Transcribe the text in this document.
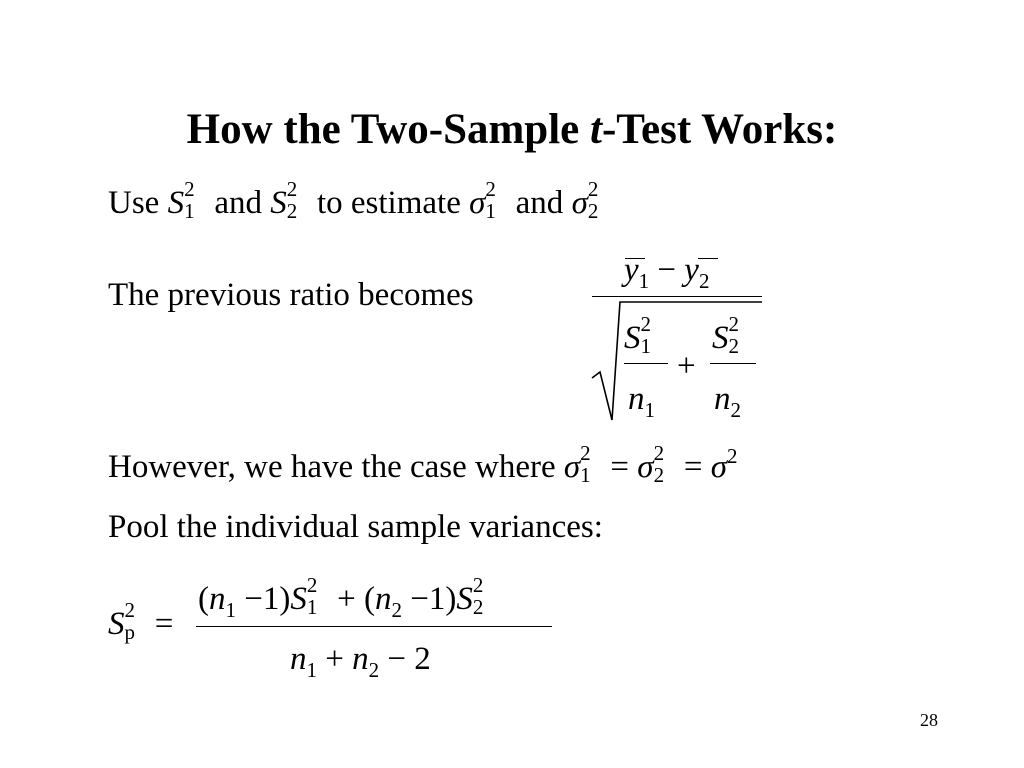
How the Two-Sample t-Test Works:
Use S 2
1 and S 2
2 to estimate σ 2
1 and σ 2
2
The previous ratio becomes
$y_1 - y_2$
S 2
1
$n_1$
+
S 2
2
$n_2$
However, we have the case where σ 2
1 = σ 2
$2 = \sigma^2$
Pool the individual sample variances:
S 2
p =
$(n_1 -1)S$ 2
$1 + (n_2 -1)S$ 2
2
$n_1 + n_2 - 2$
28
